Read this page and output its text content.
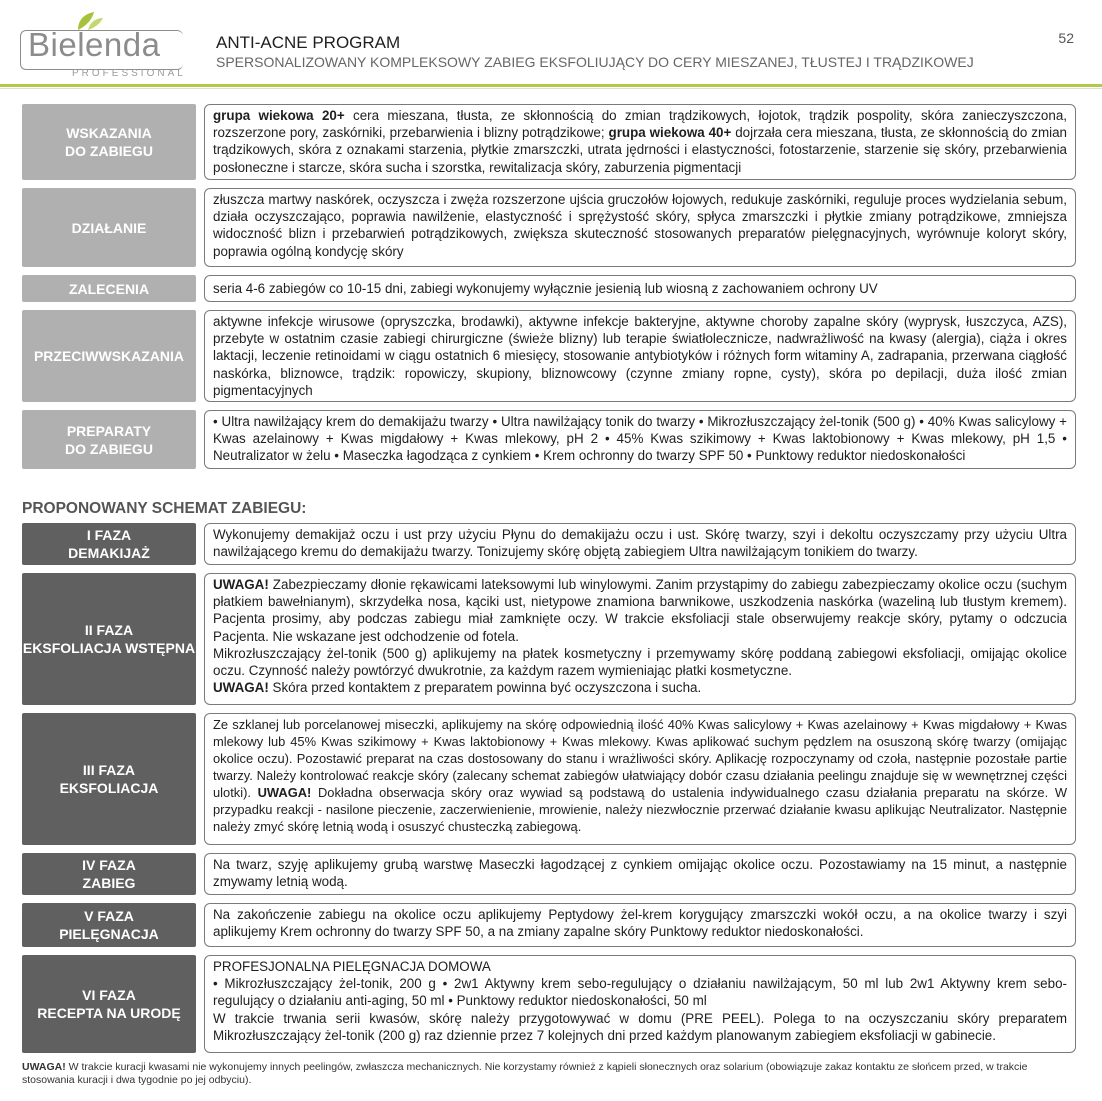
Bielenda
PROFESSIONAL
ANTI-ACNE PROGRAM
SPERSONALIZOWANY KOMPLEKSOWY ZABIEG EKSFOLIUJĄCY DO CERY MIESZANEJ, TŁUSTEJ I TRĄDZIKOWEJ
52
WSKAZANIA
DO ZABIEGU

grupa wiekowa 20+ cera mieszana, tłusta, ze skłonnością do zmian trądzikowych, łojotok, trądzik pospolity, skóra zanieczyszczona, rozszerzone pory, zaskórniki, przebarwienia i blizny potrądzikowe; grupa wiekowa 40+ dojrzała cera mieszana, tłusta, ze skłonnością do zmian trądzikowych, skóra z oznakami starzenia, płytkie zmarszczki, utrata jędrności i elastyczności, fotostarzenie, starzenie się skóry, przebarwienia posłoneczne i starcze, skóra sucha i szorstka, rewitalizacja skóry, zaburzenia pigmentacji

DZIAŁANIE

złuszcza martwy naskórek, oczyszcza i zwęża rozszerzone ujścia gruczołów łojowych, redukuje zaskórniki, reguluje proces wydzielania sebum, działa oczyszczająco, poprawia nawilżenie, elastyczność i sprężystość skóry, spłyca zmarszczki i płytkie zmiany potrądzikowe, zmniejsza widoczność blizn i przebarwień potrądzikowych, zwiększa skuteczność stosowanych preparatów pielęgnacyjnych, wyrównuje koloryt skóry, poprawia ogólną kondycję skóry

ZALECENIA	seria 4-6 zabiegów co 10-15 dni, zabiegi wykonujemy wyłącznie jesienią lub wiosną z zachowaniem ochrony UV

PRZECIWWSKAZANIA

aktywne infekcje wirusowe (opryszczka, brodawki), aktywne infekcje bakteryjne, aktywne choroby zapalne skóry (wyprysk, łuszczyca, AZS), przebyte w ostatnim czasie zabiegi chirurgiczne (świeże blizny) lub terapie światłolecznicze, nadwrażliwość na kwasy (alergia), ciąża i okres laktacji, leczenie retinoidami w ciągu ostatnich 6 miesięcy, stosowanie antybiotyków i różnych form witaminy A, zadrapania, przerwana ciągłość naskórka, bliznowce, trądzik: ropowiczy, skupiony, bliznowcowy (czynne zmiany ropne, cysty), skóra po depilacji, duża ilość zmian pigmentacyjnych

PREPARATY
DO ZABIEGU

• Ultra nawilżający krem do demakijażu twarzy • Ultra nawilżający tonik do twarzy • Mikrozłuszczający żel-tonik (500 g) • 40% Kwas salicylowy + Kwas azelainowy + Kwas migdałowy + Kwas mlekowy, pH 2 • 45% Kwas szikimowy + Kwas laktobionowy + Kwas mlekowy, pH 1,5 • Neutralizator w żelu • Maseczka łagodząca z cynkiem • Krem ochronny do twarzy SPF 50 • Punktowy reduktor niedoskonałości

PROPONOWANY SCHEMAT ZABIEGU:
I FAZA
DEMAKIJAŻ

Wykonujemy demakijaż oczu i ust przy użyciu Płynu do demakijażu oczu i ust. Skórę twarzy, szyi i dekoltu oczyszczamy przy użyciu Ultra nawilżającego kremu do demakijażu twarzy. Tonizujemy skórę objętą zabiegiem Ultra nawilżającym tonikiem do twarzy.

II FAZA
EKSFOLIACJA WSTĘPNA

UWAGA! Zabezpieczamy dłonie rękawicami lateksowymi lub winylowymi. Zanim przystąpimy do zabiegu zabezpieczamy okolice oczu (suchym płatkiem bawełnianym), skrzydełka nosa, kąciki ust, nietypowe znamiona barwnikowe, uszkodzenia naskórka (wazeliną lub tłustym kremem). Pacjenta prosimy, aby podczas zabiegu miał zamknięte oczy. W trakcie eksfoliacji stale obserwujemy reakcje skóry, pytamy o odczucia Pacjenta. Nie wskazane jest odchodzenie od fotela.

Mikrozłuszczający żel-tonik (500 g) aplikujemy na płatek kosmetyczny i przemywamy skórę poddaną zabiegowi eksfoliacji, omijając okolice oczu. Czynność należy powtórzyć dwukrotnie, za każdym razem wymieniając płatki kosmetyczne.

UWAGA! Skóra przed kontaktem z preparatem powinna być oczyszczona i sucha.

III FAZA
EKSFOLIACJA

Ze szklanej lub porcelanowej miseczki, aplikujemy na skórę odpowiednią ilość 40% Kwas salicylowy + Kwas azelainowy + Kwas migdałowy + Kwas mlekowy lub 45% Kwas szikimowy + Kwas laktobionowy + Kwas mlekowy. Kwas aplikować suchym pędzlem na osuszoną skórę twarzy (omijając okolice oczu). Pozostawić preparat na czas dostosowany do stanu i wrażliwości skóry. Aplikację rozpoczynamy od czoła, następnie pozostałe partie twarzy. Należy kontrolować reakcje skóry (zalecany schemat zabiegów ułatwiający dobór czasu działania peelingu znajduje się w wewnętrznej części ulotki). UWAGA! Dokładna obserwacja skóry oraz wywiad są podstawą do ustalenia indywidualnego czasu działania preparatu na skórze. W przypadku reakcji - nasilone pieczenie, zaczerwienienie, mrowienie, należy niezwłocznie przerwać działanie kwasu aplikując Neutralizator. Następnie należy zmyć skórę letnią wodą i osuszyć chusteczką zabiegową.

IV FAZA
ZABIEG

Na twarz, szyję aplikujemy grubą warstwę Maseczki łagodzącej z cynkiem omijając okolice oczu. Pozostawiamy na 15 minut, a następnie zmywamy letnią wodą.

V FAZA
PIELĘGNACJA

Na zakończenie zabiegu na okolice oczu aplikujemy Peptydowy żel-krem korygujący zmarszczki wokół oczu, a na okolice twarzy i szyi aplikujemy Krem ochronny do twarzy SPF 50, a na zmiany zapalne skóry Punktowy reduktor niedoskonałości.

VI FAZA
RECEPTA NA URODĘ

PROFESJONALNA PIELĘGNACJA DOMOWA

• Mikrozłuszczający żel-tonik, 200 g • 2w1 Aktywny krem sebo-regulujący o działaniu nawilżającym, 50 ml lub 2w1 Aktywny krem sebo-regulujący o działaniu anti-aging, 50 ml • Punktowy reduktor niedoskonałości, 50 ml

W trakcie trwania serii kwasów, skórę należy przygotowywać w domu (PRE PEEL). Polega to na oczyszczaniu skóry preparatem Mikrozłuszczający żel-tonik (200 g) raz dziennie przez 7 kolejnych dni przed każdym planowanym zabiegiem eksfoliacji w gabinecie.

UWAGA! W trakcie kuracji kwasami nie wykonujemy innych peelingów, zwłaszcza mechanicznych. Nie korzystamy również z kąpieli słonecznych oraz solarium (obowiązuje zakaz kontaktu ze słońcem przed, w trakcie stosowania kuracji i dwa tygodnie po jej odbyciu).
